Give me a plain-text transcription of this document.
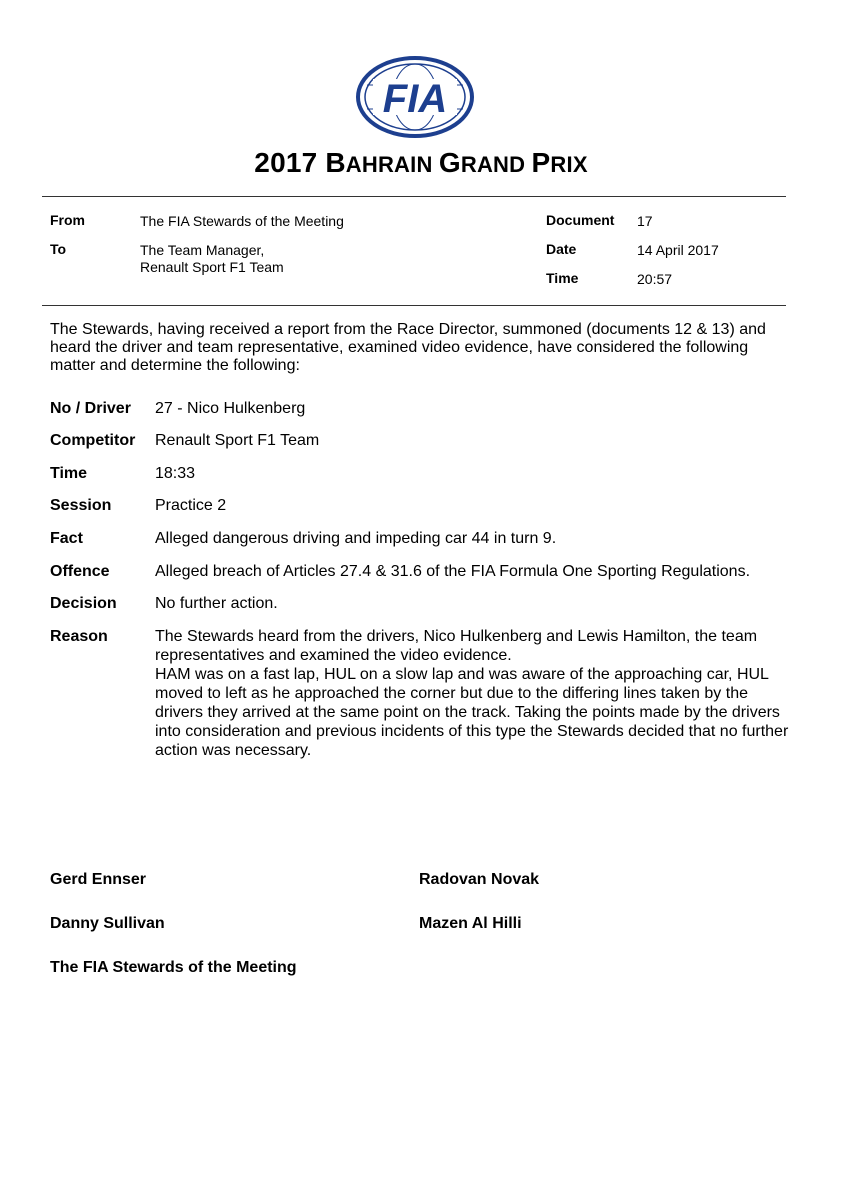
FIA
2017 BAHRAIN GRAND PRIX
From	The FIA Stewards of the Meeting
To	The Team Manager,
Renault Sport F1 Team
Document 17
Date	14 April 2017
Time	20:57
The Stewards, having received a report from the Race Director, summoned (documents 12 & 13) and heard the driver and team representative, examined video evidence, have considered the following matter and determine the following:
No / Driver 27 - Nico Hulkenberg
Competitor Renault Sport F1 Team
Time	18:33
Session	Practice 2
Fact	Alleged dangerous driving and impeding car 44 in turn 9.
Offence	Alleged breach of Articles 27.4 & 31.6 of the FIA Formula One Sporting Regulations.
Decision No further action.
Reason	The Stewards heard from the drivers, Nico Hulkenberg and Lewis Hamilton, the team representatives and examined the video evidence.

HAM was on a fast lap, HUL on a slow lap and was aware of the approaching car, HUL moved to left as he approached the corner but due to the differing lines taken by the drivers they arrived at the same point on the track. Taking the points made by the drivers into consideration and previous incidents of this type the Stewards decided that no further action was necessary.

Gerd Ennser	Radovan Novak
Danny Sullivan	Mazen Al Hilli
The FIA Stewards of the Meeting
